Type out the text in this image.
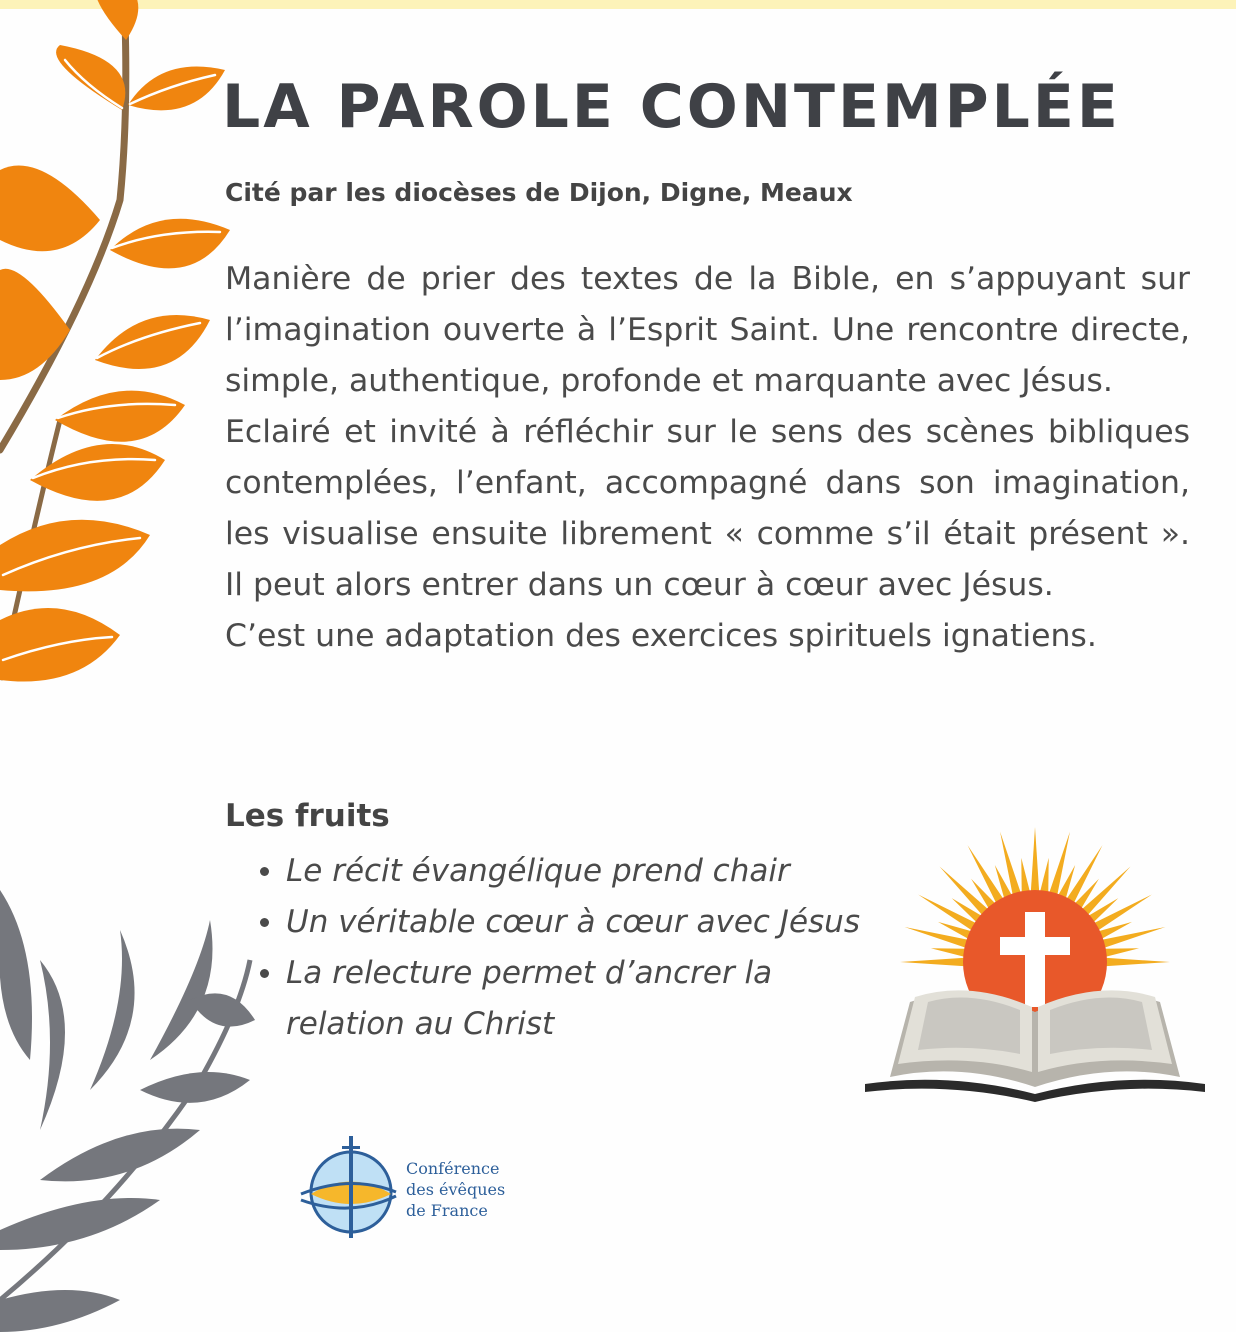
LA PAROLE CONTEMPLÉE
Cité par les diocèses de Dijon, Digne, Meaux

Manière de prier des textes de la Bible, en s’appuyant sur l’imagination ouverte à l’Esprit Saint. Une rencontre directe, simple, authentique, profonde et marquante avec Jésus.

Eclairé et invité à réfléchir sur le sens des scènes bibliques contemplées, l’enfant, accompagné dans son imagination, les visualise ensuite librement « comme s’il était présent ». Il peut alors entrer dans un cœur à cœur avec Jésus.

C’est une adaptation des exercices spirituels ignatiens.

Les fruits
Le récit évangélique prend chair
Un véritable cœur à cœur avec Jésus
La relecture permet d’ancrer la relation au Christ
Conférence
des évêques
de France
